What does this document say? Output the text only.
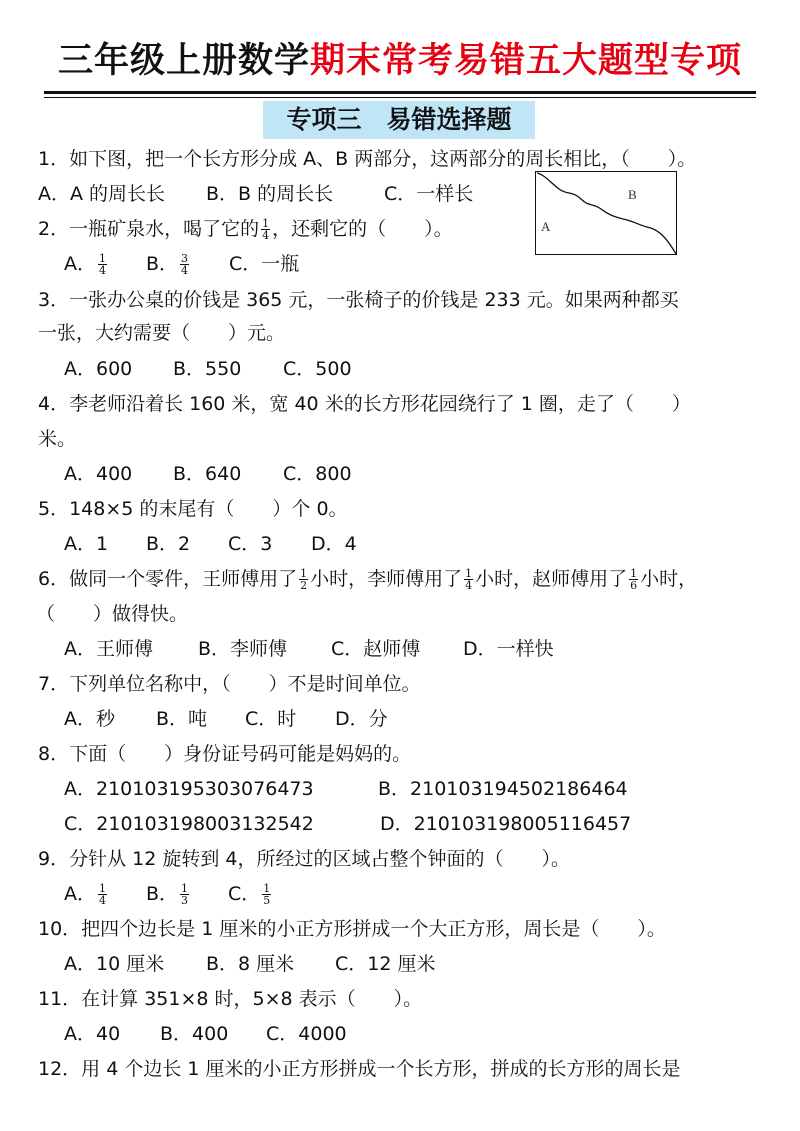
三年级上册数学期末常考易错五大题型专项
专项三　易错选择题
1．如下图，把一个长方形分成 A、B 两部分，这两部分的周长相比，（　　）。
A．A 的周长长 B．B 的周长长	C．一样长	B
A
2．一瓶矿泉水，喝了它的 $\frac{1}{4}$ ，还剩它的（　　）。
A． $\frac{1}{4}$ B． $\frac{3}{4}$ C．一瓶
3．一张办公桌的价钱是 365 元，一张椅子的价钱是 233 元。如果两种都买
一张，大约需要（　　）元。
A．600 B．550 C．500
4．李老师沿着长 160 米，宽 40 米的长方形花园绕行了 1 圈，走了（　　）
米。
A．400 B．640 C．800
5．148×5 的末尾有（　　）个 0。
A．1 B．2 C．3 D．4
6．做同一个零件，王师傅用了 $\frac{1}{2}$ 小时，李师傅用了 $\frac{1}{4}$ 小时，赵师傅用了 $\frac{1}{6}$ 小时，
（　　）做得快。
A．王师傅 B．李师傅 C．赵师傅 D．一样快
7．下列单位名称中，（　　）不是时间单位。
A．秒 B．吨 C．时 D．分
8．下面（　　）身份证号码可能是妈妈的。
A．210103195303076473	B．210103194502186464
C．210103198003132542	D．210103198005116457
9．分针从 12 旋转到 4，所经过的区域占整个钟面的（　　）。
A． $\frac{1}{4}$ B． $\frac{1}{3}$ C． $\frac{1}{5}$
10．把四个边长是 1 厘米的小正方形拼成一个大正方形，周长是（　　）。
A．10 厘米 B．8 厘米 C．12 厘米
11．在计算 351×8 时，5×8 表示（　　）。
A．40 B．400 C．4000
12．用 4 个边长 1 厘米的小正方形拼成一个长方形，拼成的长方形的周长是
